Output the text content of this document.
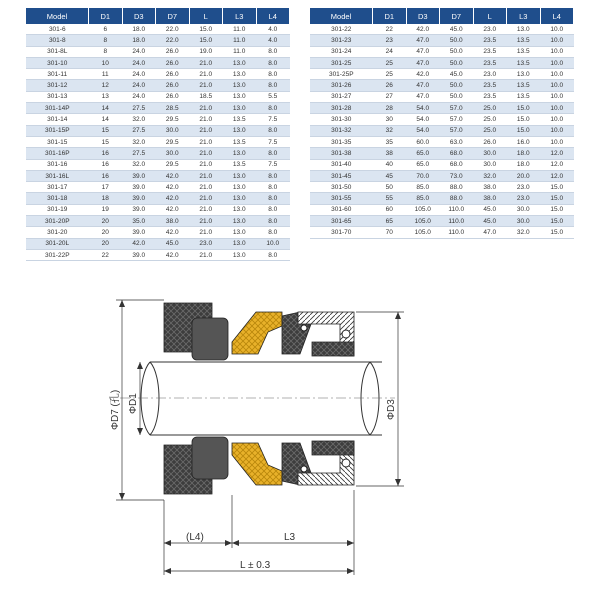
Model	D1	D3	D7	L	L3	L4
301-6	6	18.0	22.0	15.0	11.0	4.0
301-8	8	18.0	22.0	15.0	11.0	4.0
301-8L	8	24.0	26.0	19.0	11.0	8.0
301-10	10	24.0	26.0	21.0	13.0	8.0
301-11	11	24.0	26.0	21.0	13.0	8.0
301-12	12	24.0	26.0	21.0	13.0	8.0
301-13	13	24.0	26.0	18.5	13.0	5.5
301-14P	14	27.5	28.5	21.0	13.0	8.0
301-14	14	32.0	29.5	21.0	13.5	7.5
301-15P	15	27.5	30.0	21.0	13.0	8.0
301-15	15	32.0	29.5	21.0	13.5	7.5
301-16P	16	27.5	30.0	21.0	13.0	8.0
301-16	16	32.0	29.5	21.0	13.5	7.5
301-16L	16	39.0	42.0	21.0	13.0	8.0
301-17	17	39.0	42.0	21.0	13.0	8.0
301-18	18	39.0	42.0	21.0	13.0	8.0
301-19	19	39.0	42.0	21.0	13.0	8.0
301-20P	20	35.0	38.0	21.0	13.0	8.0
301-20	20	39.0	42.0	21.0	13.0	8.0
301-20L	20	42.0	45.0	23.0	13.0	10.0
301-22P	22	39.0	42.0	21.0	13.0	8.0
Model	D1	D3	D7	L	L3	L4
301-22	22	42.0	45.0	23.0	13.0	10.0
301-23	23	47.0	50.0	23.5	13.5	10.0
301-24	24	47.0	50.0	23.5	13.5	10.0
301-25	25	47.0	50.0	23.5	13.5	10.0
301-25P	25	42.0	45.0	23.0	13.0	10.0
301-26	26	47.0	50.0	23.5	13.5	10.0
301-27	27	47.0	50.0	23.5	13.5	10.0
301-28	28	54.0	57.0	25.0	15.0	10.0
301-30	30	54.0	57.0	25.0	15.0	10.0
301-32	32	54.0	57.0	25.0	15.0	10.0
301-35	35	60.0	63.0	26.0	16.0	10.0
301-38	38	65.0	68.0	30.0	18.0	12.0
301-40	40	65.0	68.0	30.0	18.0	12.0
301-45	45	70.0	73.0	32.0	20.0	12.0
301-50	50	85.0	88.0	38.0	23.0	15.0
301-55	55	85.0	88.0	38.0	23.0	15.0
301-60	60	105.0	110.0	45.0	30.0	15.0
301-65	65	105.0	110.0	45.0	30.0	15.0
301-70	70	105.0	110.0	47.0	32.0	15.0
ΦD7 (孔) ΦD1	ΦD3
(L4)	L3
L ± 0.3
